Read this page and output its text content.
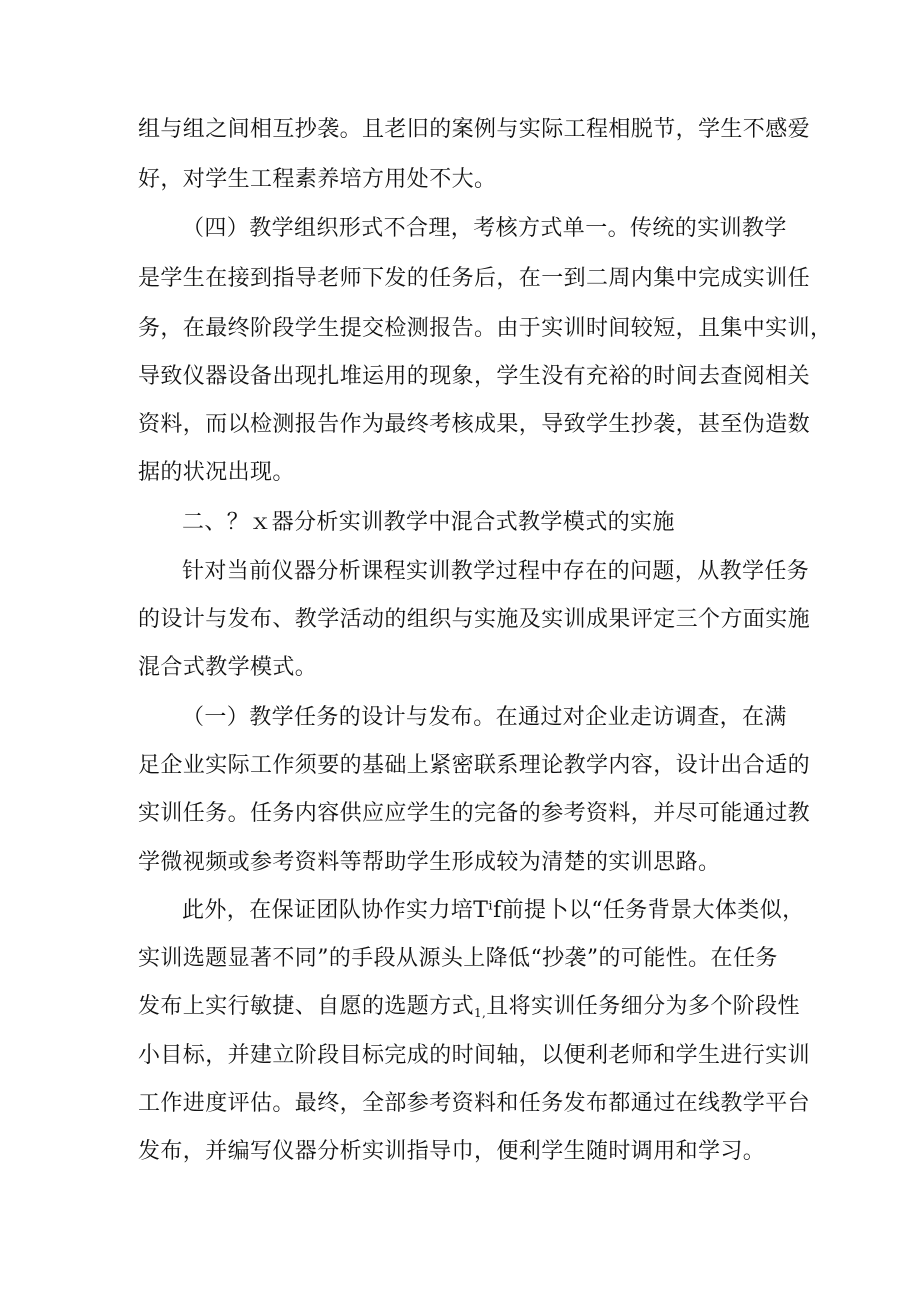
组与组之间相互抄袭。且老旧的案例与实际工程相脱节，学生不感爱

好，对学生工程素养培方用处不大。

（四）教学组织形式不合理，考核方式单一。传统的实训教学

是学生在接到指导老师下发的任务后，在一到二周内集中完成实训任

务，在最终阶段学生提交检测报告。由于实训时间较短，且集中实训，

导致仪器设备出现扎堆运用的现象，学生没有充裕的时间去查阅相关

资料，而以检测报告作为最终考核成果，导致学生抄袭，甚至伪造数

据的状况出现。

二、？ｘ器分析实训教学中混合式教学模式的实施

针对当前仪器分析课程实训教学过程中存在的问题，从教学任务

的设计与发布、教学活动的组织与实施及实训成果评定三个方面实施

混合式教学模式。

（一）教学任务的设计与发布。在通过对企业走访调查，在满

足企业实际工作须要的基础上紧密联系理论教学内容，设计出合适的

实训任务。任务内容供应应学生的完备的参考资料，并尽可能通过教

学微视频或参考资料等帮助学生形成较为清楚的实训思路。

此外，在保证团队协作实力培Tⁱf前提卜以“任务背景大体类似，

实训选题显著不同”的手段从源头上降低“抄袭”的可能性。在任务

发布上实行敏捷、自愿的选题方式$_{1,}$且将实训任务细分为多个阶段性

小目标，并建立阶段目标完成的时间轴，以便利老师和学生进行实训

工作进度评估。最终，全部参考资料和任务发布都通过在线教学平台

发布，并编写仪器分析实训指导巾，便利学生随时调用和学习。
